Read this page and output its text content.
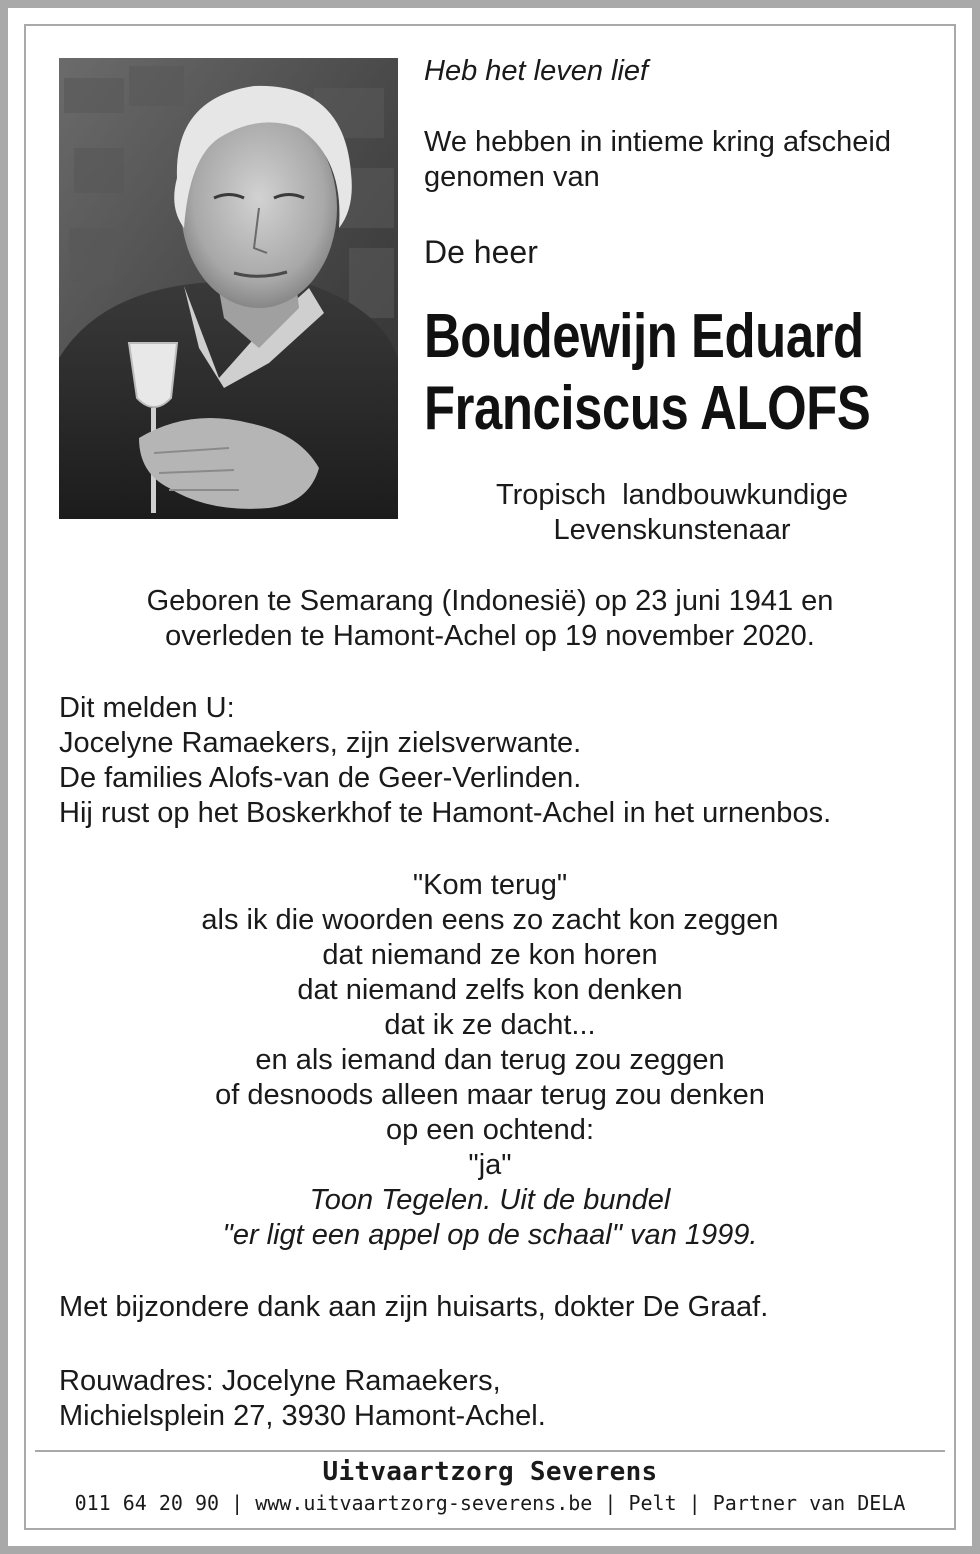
Heb het leven lief
We hebben in intieme kring afscheid
genomen van
De heer
Boudewijn Eduard
Franciscus ALOFS
Tropisch  landbouwkundige
Levenskunstenaar
Geboren te Semarang (Indonesië) op 23 juni 1941 en
overleden te Hamont-Achel op 19 november 2020.
Dit melden U:
Jocelyne Ramaekers, zijn zielsverwante.
De families Alofs-van de Geer-Verlinden.
Hij rust op het Boskerkhof te Hamont-Achel in het urnenbos.
"Kom terug"
als ik die woorden eens zo zacht kon zeggen
dat niemand ze kon horen
dat niemand zelfs kon denken
dat ik ze dacht...
en als iemand dan terug zou zeggen
of desnoods alleen maar terug zou denken
op een ochtend:
"ja"
Toon Tegelen. Uit de bundel
"er ligt een appel op de schaal" van 1999.
Met bijzondere dank aan zijn huisarts, dokter De Graaf.
Rouwadres: Jocelyne Ramaekers,
Michielsplein 27, 3930 Hamont-Achel.
Uitvaartzorg Severens
011 64 20 90 | www.uitvaartzorg-severens.be | Pelt | Partner van DELA
